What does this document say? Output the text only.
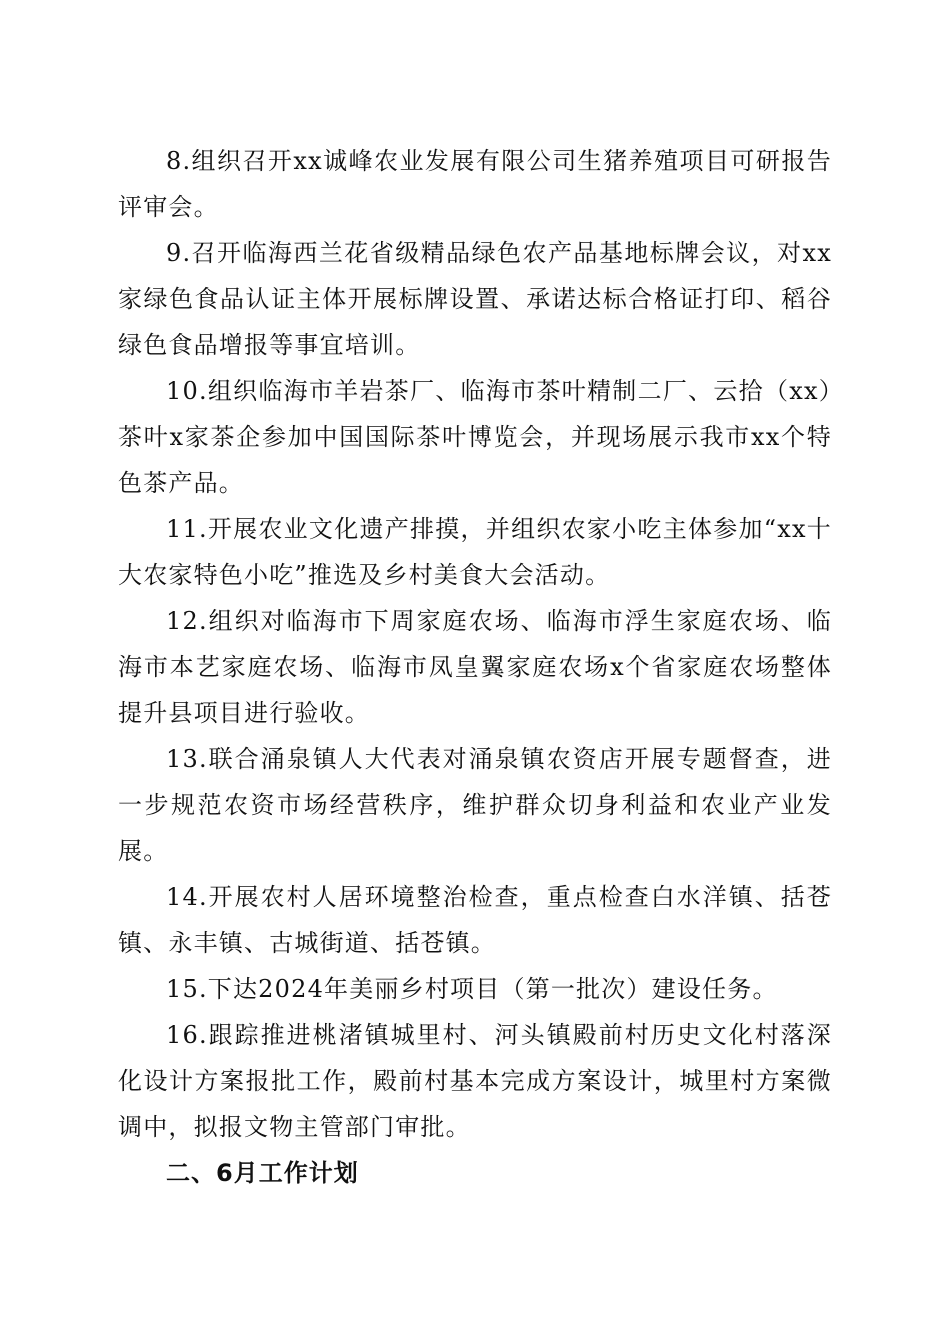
8.组织召开xx诚峰农业发展有限公司生猪养殖项目可研报告评审会。

9.召开临海西兰花省级精品绿色农产品基地标牌会议，对xx家绿色食品认证主体开展标牌设置、承诺达标合格证打印、稻谷绿色食品增报等事宜培训。

10.组织临海市羊岩茶厂、临海市茶叶精制二厂、云拾（xx）茶叶x家茶企参加中国国际茶叶博览会，并现场展示我市xx个特色茶产品。

11.开展农业文化遗产排摸，并组织农家小吃主体参加“xx十大农家特色小吃”推选及乡村美食大会活动。

12.组织对临海市下周家庭农场、临海市浮生家庭农场、临海市本艺家庭农场、临海市凤皇翼家庭农场x个省家庭农场整体提升县项目进行验收。

13.联合涌泉镇人大代表对涌泉镇农资店开展专题督查，进一步规范农资市场经营秩序，维护群众切身利益和农业产业发展。

14.开展农村人居环境整治检查，重点检查白水洋镇、括苍镇、永丰镇、古城街道、括苍镇。

15.下达2024年美丽乡村项目（第一批次）建设任务。

16.跟踪推进桃渚镇城里村、河头镇殿前村历史文化村落深化设计方案报批工作，殿前村基本完成方案设计，城里村方案微调中，拟报文物主管部门审批。

二、6月工作计划
